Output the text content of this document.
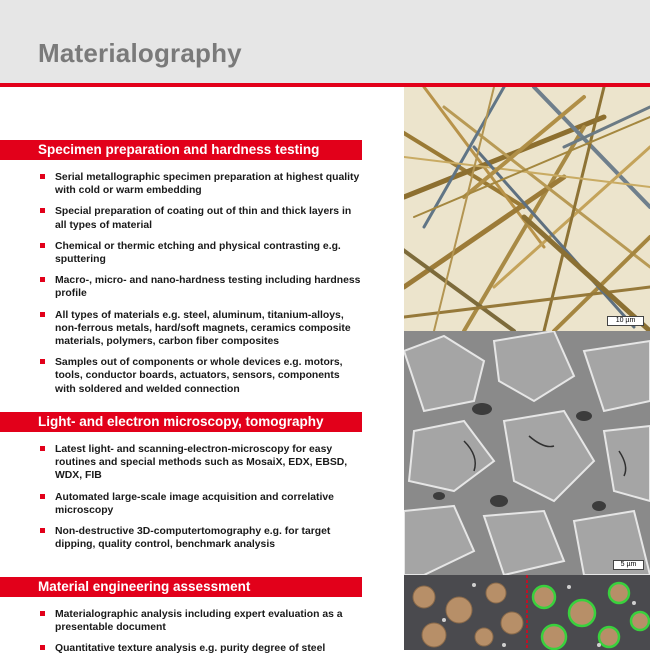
Materialography
Specimen preparation and hardness testing
Serial metallographic specimen preparation at highest quality with cold or warm embedding
Special preparation of coating out of thin and thick layers in all types of material
Chemical or thermic etching and physical contrasting e.g. sputtering
Macro-, micro- and nano-hardness testing including hardness profile
All types of materials e.g. steel, aluminum, titanium-alloys, non-ferrous metals, hard/soft magnets, ceramics composite materials, polymers, carbon fiber composites
Samples out of components or whole devices e.g. motors, tools, conductor boards, actuators, sensors, components with soldered and welded connection
Light- and electron microscopy, tomography
Latest light- and scanning-electron-microscopy for easy routines and special methods such as MosaiX, EDX, EBSD, WDX, FIB
Automated large-scale image acquisition and correlative microscopy
Non-destructive 3D-computertomography e.g. for target dipping, quality control, benchmark analysis
Material engineering assessment
Materialographic analysis including expert evaluation as a presentable document
Quantitative texture analysis e.g. purity degree of steel
10 µm
5 µm
